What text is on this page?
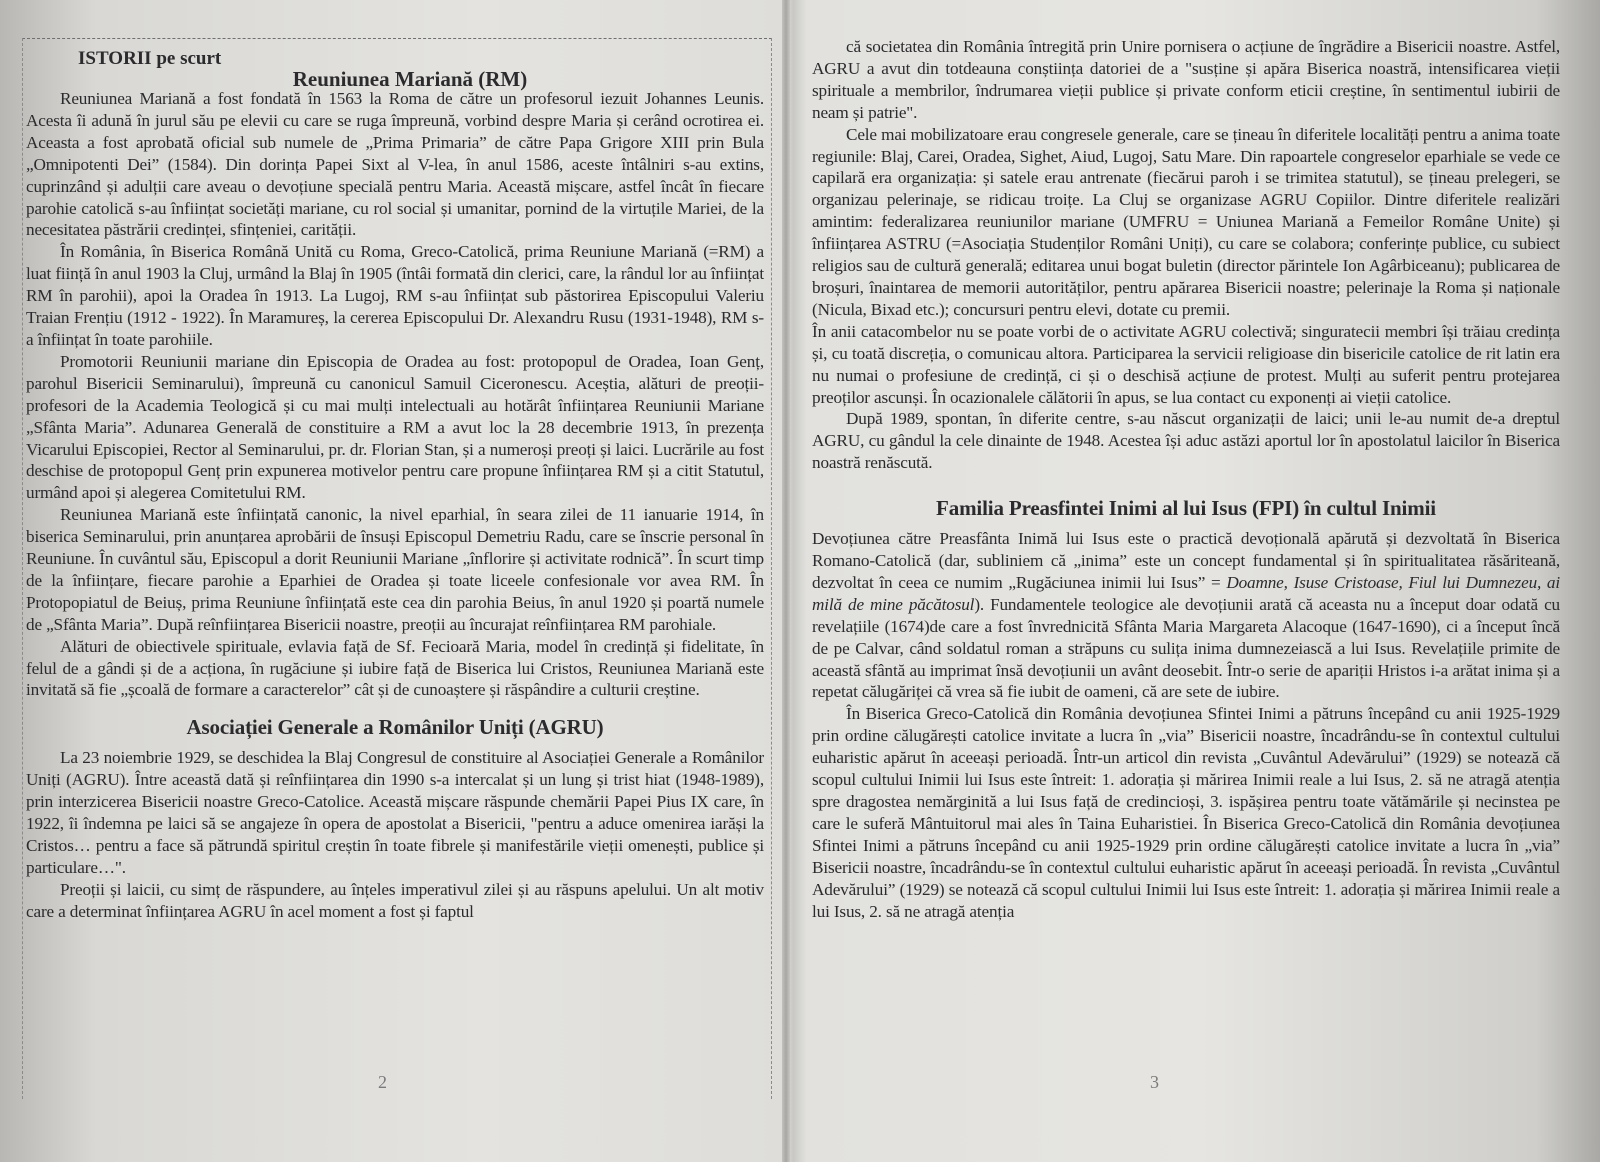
ISTORII pe scurt
Reuniunea Mariană (RM)

Reuniunea Mariană a fost fondată în 1563 la Roma de către un profesorul iezuit Johannes Leunis. Acesta îi adună în jurul său pe elevii cu care se ruga împreună, vorbind despre Maria și cerând ocrotirea ei. Aceasta a fost aprobată oficial sub numele de „Prima Primaria” de către Papa Grigore XIII prin Bula „Omnipotenti Dei” (1584). Din dorința Papei Sixt al V-lea, în anul 1586, aceste întâlniri s-au extins, cuprinzând și adulții care aveau o devoțiune specială pentru Maria. Această mișcare, astfel încât în fiecare parohie catolică s-au înființat societăți mariane, cu rol social și umanitar, pornind de la virtuțile Mariei, de la necesitatea păstrării credinței, sfințeniei, carității.

În România, în Biserica Română Unită cu Roma, Greco-Catolică, prima Reuniune Mariană (=RM) a luat ființă în anul 1903 la Cluj, urmând la Blaj în 1905 (întâi formată din clerici, care, la rândul lor au înființat RM în parohii), apoi la Oradea în 1913. La Lugoj, RM s-au înființat sub păstorirea Episcopului Valeriu Traian Frențiu (1912 - 1922). În Maramureș, la cererea Episcopului Dr. Alexandru Rusu (1931-1948), RM s-a înființat în toate parohiile.

Promotorii Reuniunii mariane din Episcopia de Oradea au fost: protopopul de Oradea, Ioan Genț, parohul Bisericii Seminarului), împreună cu canonicul Samuil Ciceronescu. Aceștia, alături de preoții-profesori de la Academia Teologică și cu mai mulți intelectuali au hotărât înființarea Reuniunii Mariane „Sfânta Maria”. Adunarea Generală de constituire a RM a avut loc la 28 decembrie 1913, în prezența Vicarului Episcopiei, Rector al Seminarului, pr. dr. Florian Stan, și a numeroși preoți și laici. Lucrările au fost deschise de protopopul Genț prin expunerea motivelor pentru care propune înființarea RM și a citit Statutul, urmând apoi și alegerea Comitetului RM.

Reuniunea Mariană este înființată canonic, la nivel eparhial, în seara zilei de 11 ianuarie 1914, în biserica Seminarului, prin anunțarea aprobării de însuși Episcopul Demetriu Radu, care se înscrie personal în Reuniune. În cuvântul său, Episcopul a dorit Reuniunii Mariane „înflorire și activitate rodnică”. În scurt timp de la înființare, fiecare parohie a Eparhiei de Oradea și toate liceele confesionale vor avea RM. În Protopopiatul de Beiuș, prima Reuniune înființată este cea din parohia Beius, în anul 1920 și poartă numele de „Sfânta Maria”. După reînființarea Bisericii noastre, preoții au încurajat reînființarea RM parohiale.

Alături de obiectivele spirituale, evlavia față de Sf. Fecioară Maria, model în credință și fidelitate, în felul de a gândi și de a acționa, în rugăciune și iubire față de Biserica lui Cristos, Reuniunea Mariană este invitată să fie „școală de formare a caracterelor” cât și de cunoaștere și răspândire a culturii creștine.

Asociației Generale a Românilor Uniți (AGRU)

La 23 noiembrie 1929, se deschidea la Blaj Congresul de constituire al Asociației Generale a Românilor Uniți (AGRU). Între această dată și reînființarea din 1990 s-a intercalat și un lung și trist hiat (1948-1989), prin interzicerea Bisericii noastre Greco-Catolice. Această mișcare răspunde chemării Papei Pius IX care, în 1922, îi îndemna pe laici să se angajeze în opera de apostolat a Bisericii, "pentru a aduce omenirea iarăși la Cristos… pentru a face să pătrundă spiritul creștin în toate fibrele și manifestările vieții omenești, publice și particulare…".

Preoții și laicii, cu simț de răspundere, au înțeles imperativul zilei și au răspuns apelului. Un alt motiv care a determinat înființarea AGRU în acel moment a fost și faptul

2

că societatea din România întregită prin Unire pornisera o acțiune de îngrădire a Bisericii noastre. Astfel, AGRU a avut din totdeauna conștiința datoriei de a "susține și apăra Biserica noastră, intensificarea vieții spirituale a membrilor, îndrumarea vieții publice și private conform eticii creștine, în sentimentul iubirii de neam și patrie".

Cele mai mobilizatoare erau congresele generale, care se țineau în diferitele localități pentru a anima toate regiunile: Blaj, Carei, Oradea, Sighet, Aiud, Lugoj, Satu Mare. Din rapoartele congreselor eparhiale se vede ce capilară era organizația: și satele erau antrenate (fiecărui paroh i se trimitea statutul), se țineau prelegeri, se organizau pelerinaje, se ridicau troițe. La Cluj se organizase AGRU Copiilor. Dintre diferitele realizări amintim: federalizarea reuniunilor mariane (UMFRU = Uniunea Mariană a Femeilor Române Unite) și înființarea ASTRU (=Asociația Studenților Români Uniți), cu care se colabora; conferințe publice, cu subiect religios sau de cultură generală; editarea unui bogat buletin (director părintele Ion Agârbiceanu); publicarea de broșuri, înaintarea de memorii autorităților, pentru apărarea Bisericii noastre; pelerinaje la Roma și naționale (Nicula, Bixad etc.); concursuri pentru elevi, dotate cu premii.

În anii catacombelor nu se poate vorbi de o activitate AGRU colectivă; singuratecii membri își trăiau credința și, cu toată discreția, o comunicau altora. Participarea la servicii religioase din bisericile catolice de rit latin era nu numai o profesiune de credință, ci și o deschisă acțiune de protest. Mulți au suferit pentru protejarea preoților ascunși. În ocazionalele călătorii în apus, se lua contact cu exponenți ai vieții catolice.

După 1989, spontan, în diferite centre, s-au născut organizații de laici; unii le-au numit de-a dreptul AGRU, cu gândul la cele dinainte de 1948. Acestea își aduc astăzi aportul lor în apostolatul laicilor în Biserica noastră renăscută.

Familia Preasfintei Inimi al lui Isus (FPI) în cultul Inimii

Devoțiunea către Preasfânta Inimă lui Isus este o practică devoțională apărută și dezvoltată în Biserica Romano-Catolică (dar, subliniem că „inima” este un concept fundamental și în spiritualitatea răsăriteană, dezvoltat în ceea ce numim „Rugăciunea inimii lui Isus” = Doamne, Isuse Cristoase, Fiul lui Dumnezeu, ai milă de mine păcătosul). Fundamentele teologice ale devoțiunii arată că aceasta nu a început doar odată cu revelațiile (1674)de care a fost învrednicită Sfânta Maria Margareta Alacoque (1647-1690), ci a început încă de pe Calvar, când soldatul roman a străpuns cu sulița inima dumnezeiască a lui Isus. Revelațiile primite de această sfântă au imprimat însă devoțiunii un avânt deosebit. Într-o serie de apariții Hristos i-a arătat inima și a repetat călugăriței că vrea să fie iubit de oameni, că are sete de iubire.

În Biserica Greco-Catolică din România devoțiunea Sfintei Inimi a pătruns începând cu anii 1925-1929 prin ordine călugărești catolice invitate a lucra în „via” Bisericii noastre, încadrându-se în contextul cultului euharistic apărut în aceeași perioadă. Într-un articol din revista „Cuvântul Adevărului” (1929) se notează că scopul cultului Inimii lui Isus este întreit: 1. adorația și mărirea Inimii reale a lui Isus, 2. să ne atragă atenția spre dragostea nemărginită a lui Isus față de credincioși, 3. ispășirea pentru toate vătămările și necinstea pe care le suferă Mântuitorul mai ales în Taina Euharistiei. În Biserica Greco-Catolică din România devoțiunea Sfintei Inimi a pătruns începând cu anii 1925-1929 prin ordine călugărești catolice invitate a lucra în „via” Bisericii noastre, încadrându-se în contextul cultului euharistic apărut în aceeași perioadă. În revista „Cuvântul Adevărului” (1929) se notează că scopul cultului Inimii lui Isus este întreit: 1. adorația și mărirea Inimii reale a lui Isus, 2. să ne atragă atenția

3
